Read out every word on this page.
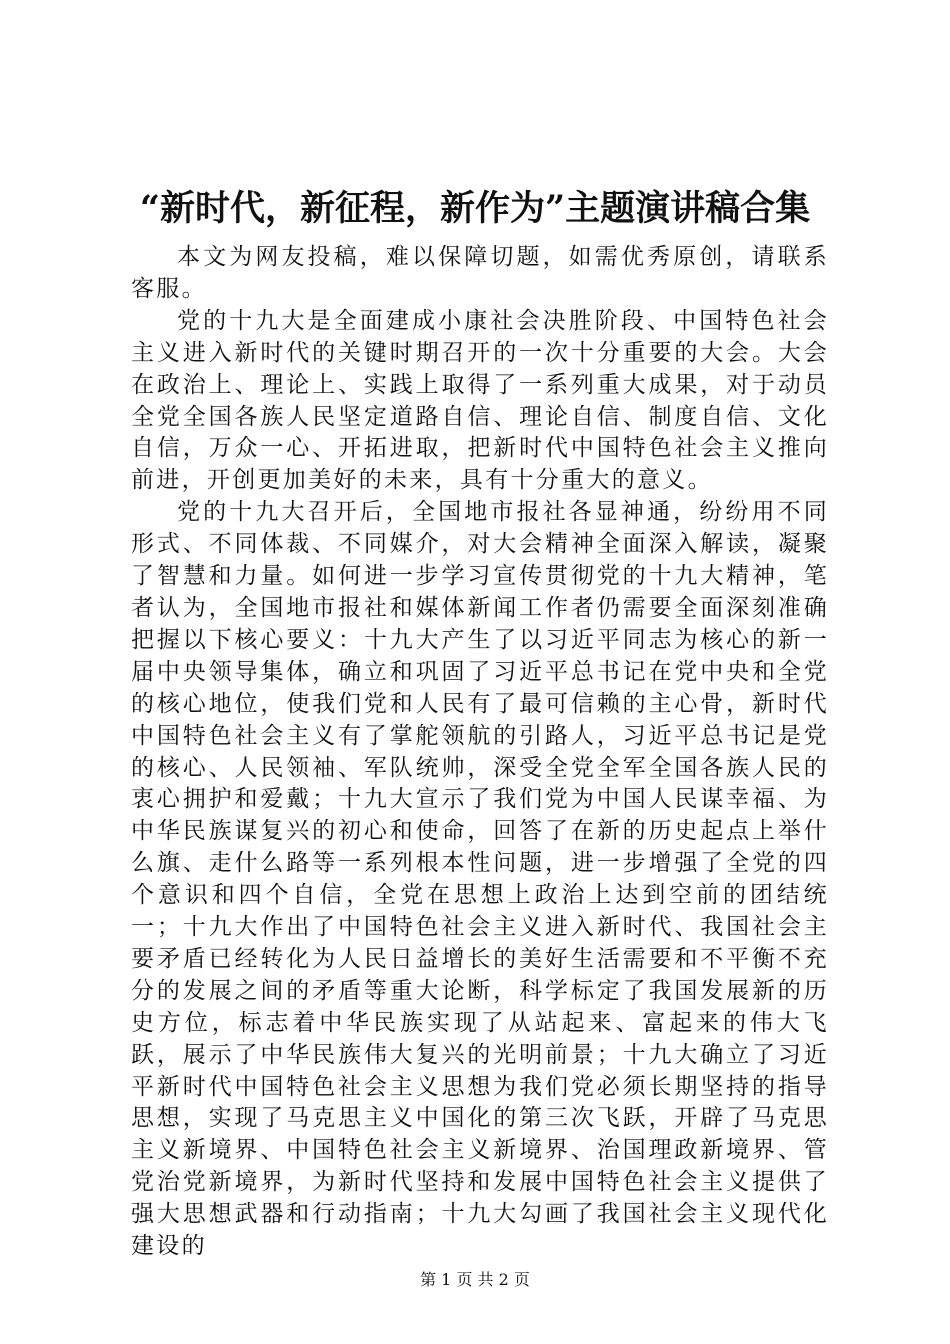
“新时代，新征程，新作为”主题演讲稿合集

本文为网友投稿，难以保障切题，如需优秀原创，请联系客服。

党的十九大是全面建成小康社会决胜阶段、中国特色社会主义进入新时代的关键时期召开的一次十分重要的大会。大会在政治上、理论上、实践上取得了一系列重大成果，对于动员全党全国各族人民坚定道路自信、理论自信、制度自信、文化自信，万众一心、开拓进取，把新时代中国特色社会主义推向前进，开创更加美好的未来，具有十分重大的意义。

党的十九大召开后，全国地市报社各显神通，纷纷用不同形式、不同体裁、不同媒介，对大会精神全面深入解读，凝聚了智慧和力量。如何进一步学习宣传贯彻党的十九大精神，笔者认为，全国地市报社和媒体新闻工作者仍需要全面深刻准确把握以下核心要义：十九大产生了以习近平同志为核心的新一届中央领导集体，确立和巩固了习近平总书记在党中央和全党的核心地位，使我们党和人民有了最可信赖的主心骨，新时代中国特色社会主义有了掌舵领航的引路人，习近平总书记是党的核心、人民领袖、军队统帅，深受全党全军全国各族人民的衷心拥护和爱戴；十九大宣示了我们党为中国人民谋幸福、为中华民族谋复兴的初心和使命，回答了在新的历史起点上举什么旗、走什么路等一系列根本性问题，进一步增强了全党的四个意识和四个自信，全党在思想上政治上达到空前的团结统一；十九大作出了中国特色社会主义进入新时代、我国社会主要矛盾已经转化为人民日益增长的美好生活需要和不平衡不充分的发展之间的矛盾等重大论断，科学标定了我国发展新的历史方位，标志着中华民族实现了从站起来、富起来的伟大飞跃，展示了中华民族伟大复兴的光明前景；十九大确立了习近平新时代中国特色社会主义思想为我们党必须长期坚持的指导思想，实现了马克思主义中国化的第三次飞跃，开辟了马克思主义新境界、中国特色社会主义新境界、治国理政新境界、管党治党新境界，为新时代坚持和发展中国特色社会主义提供了强大思想武器和行动指南；十九大勾画了我国社会主义现代化建设的

第 1 页 共 2 页
